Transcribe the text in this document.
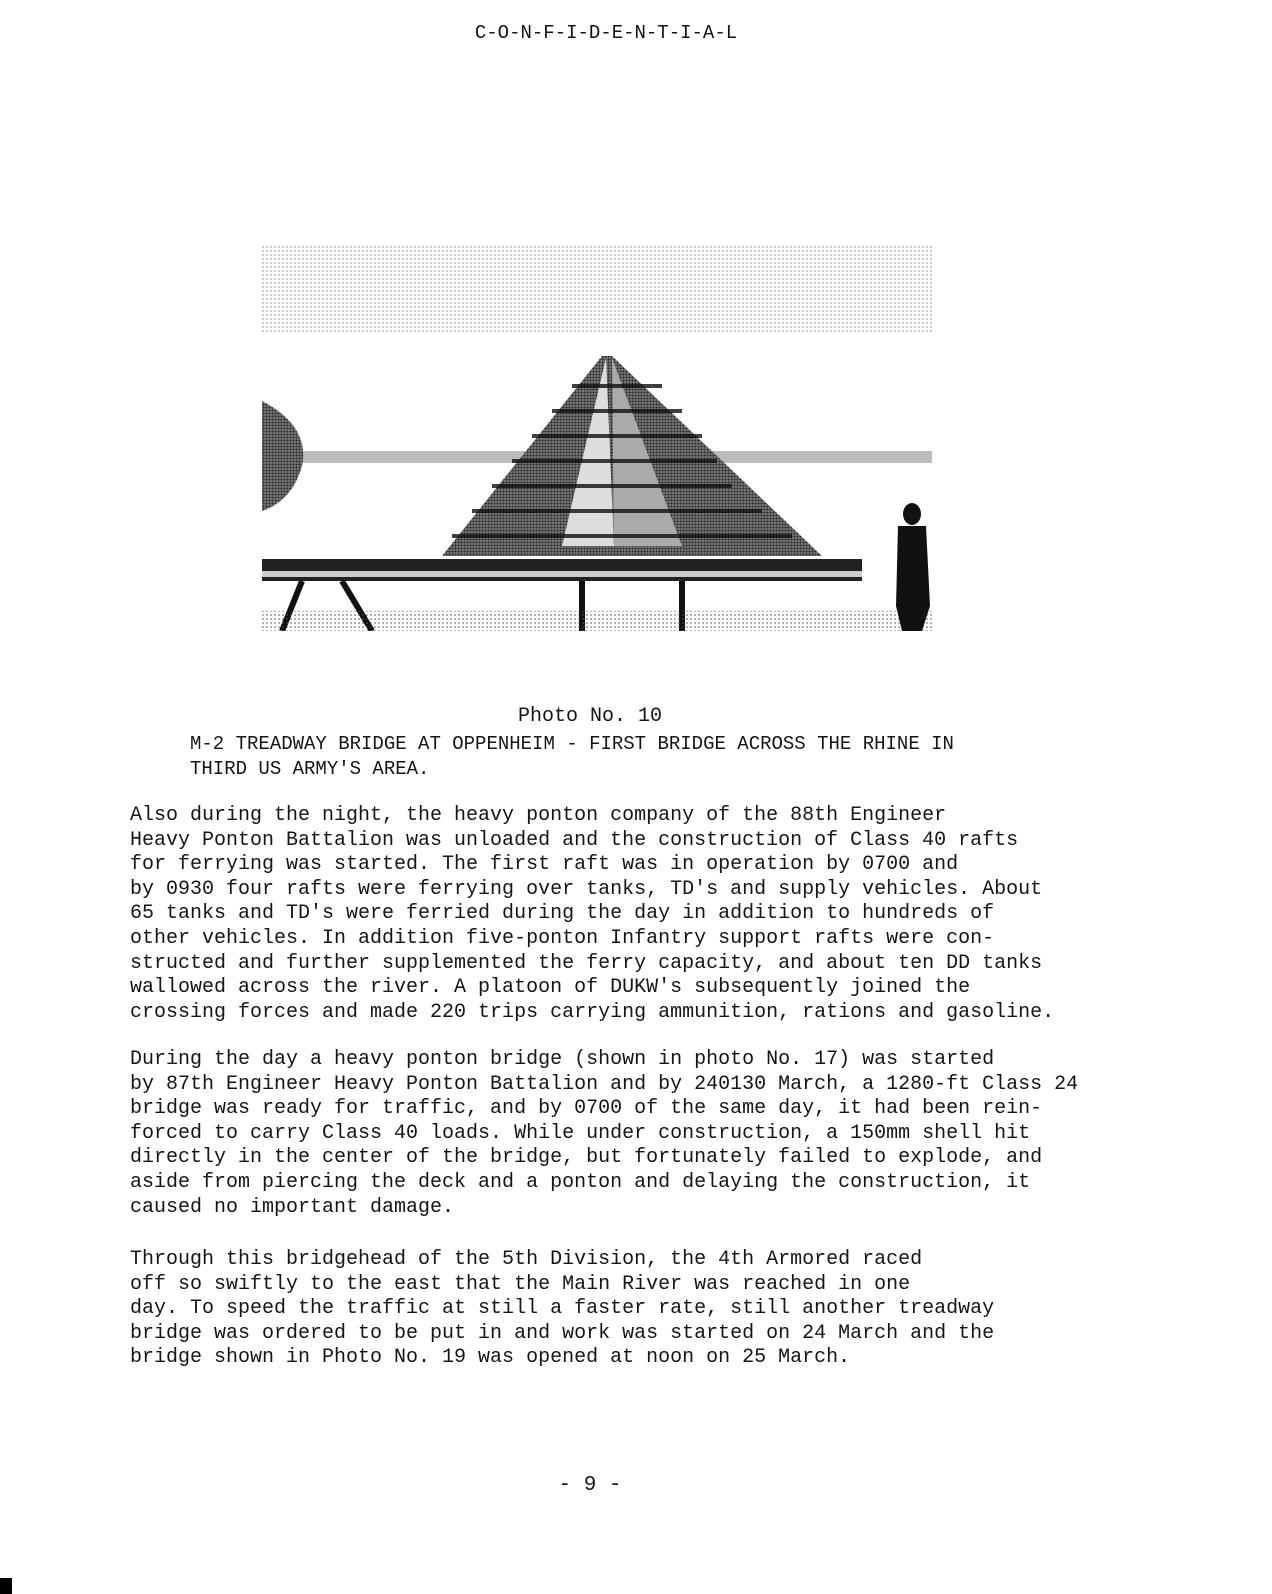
C-O-N-F-I-D-E-N-T-I-A-L
Photo No. 10
M-2 TREADWAY BRIDGE AT OPPENHEIM - FIRST BRIDGE ACROSS THE RHINE IN
THIRD US ARMY'S AREA.
Also during the night, the heavy ponton company of the 88th Engineer
Heavy Ponton Battalion was unloaded and the construction of Class 40 rafts
for ferrying was started. The first raft was in operation by 0700 and
by 0930 four rafts were ferrying over tanks, TD's and supply vehicles. About
65 tanks and TD's were ferried during the day in addition to hundreds of
other vehicles. In addition five-ponton Infantry support rafts were con-
structed and further supplemented the ferry capacity, and about ten DD tanks
wallowed across the river. A platoon of DUKW's subsequently joined the
crossing forces and made 220 trips carrying ammunition, rations and gasoline.
During the day a heavy ponton bridge (shown in photo No. 17) was started
by 87th Engineer Heavy Ponton Battalion and by 240130 March, a 1280-ft Class 24
bridge was ready for traffic, and by 0700 of the same day, it had been rein-
forced to carry Class 40 loads. While under construction, a 150mm shell hit
directly in the center of the bridge, but fortunately failed to explode, and
aside from piercing the deck and a ponton and delaying the construction, it
caused no important damage.
Through this bridgehead of the 5th Division, the 4th Armored raced
off so swiftly to the east that the Main River was reached in one
day. To speed the traffic at still a faster rate, still another treadway
bridge was ordered to be put in and work was started on 24 March and the
bridge shown in Photo No. 19 was opened at noon on 25 March.
- 9 -
